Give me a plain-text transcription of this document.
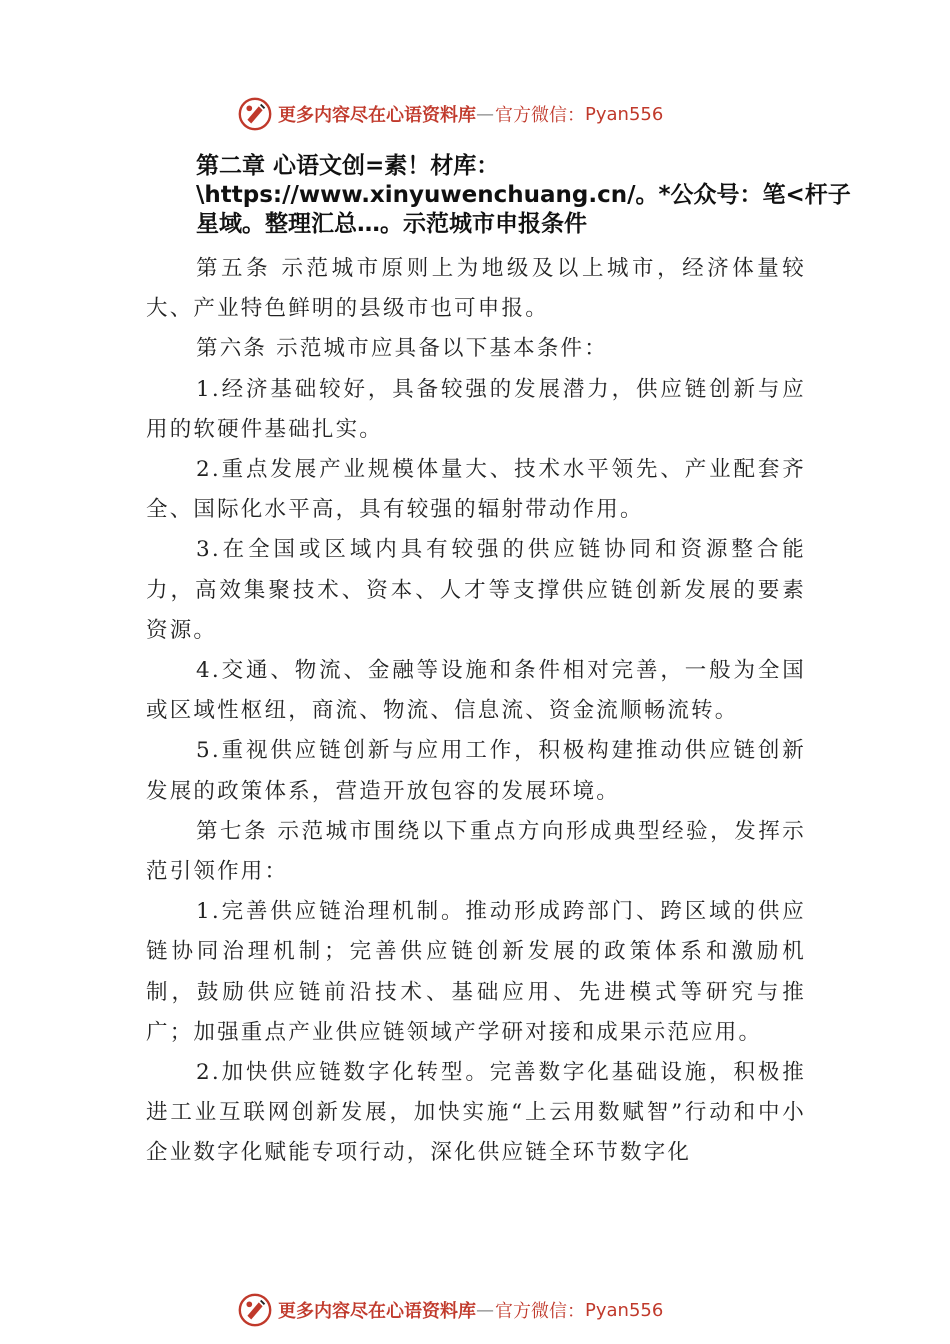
更多内容尽在心语资料库 — 官方微信： Pyan556
第二章 心语文创=素！材库：
\https://www.xinyuwenchuang.cn/。*公众号：笔<杆子
星域。整理汇总…。示范城市申报条件

第五条 示范城市原则上为地级及以上城市，经济体量较大、产业特色鲜明的县级市也可申报。

第六条 示范城市应具备以下基本条件：

1.经济基础较好，具备较强的发展潜力，供应链创新与应用的软硬件基础扎实。

2.重点发展产业规模体量大、技术水平领先、产业配套齐全、国际化水平高，具有较强的辐射带动作用。

3.在全国或区域内具有较强的供应链协同和资源整合能力，高效集聚技术、资本、人才等支撑供应链创新发展的要素资源。

4.交通、物流、金融等设施和条件相对完善，一般为全国或区域性枢纽，商流、物流、信息流、资金流顺畅流转。

5.重视供应链创新与应用工作，积极构建推动供应链创新发展的政策体系，营造开放包容的发展环境。

第七条 示范城市围绕以下重点方向形成典型经验，发挥示范引领作用：

1.完善供应链治理机制。推动形成跨部门、跨区域的供应链协同治理机制；完善供应链创新发展的政策体系和激励机制，鼓励供应链前沿技术、基础应用、先进模式等研究与推广；加强重点产业供应链领域产学研对接和成果示范应用。

2.加快供应链数字化转型。完善数字化基础设施，积极推进工业互联网创新发展，加快实施“上云用数赋智”行动和中小企业数字化赋能专项行动，深化供应链全环节数字化

更多内容尽在心语资料库 — 官方微信： Pyan556
